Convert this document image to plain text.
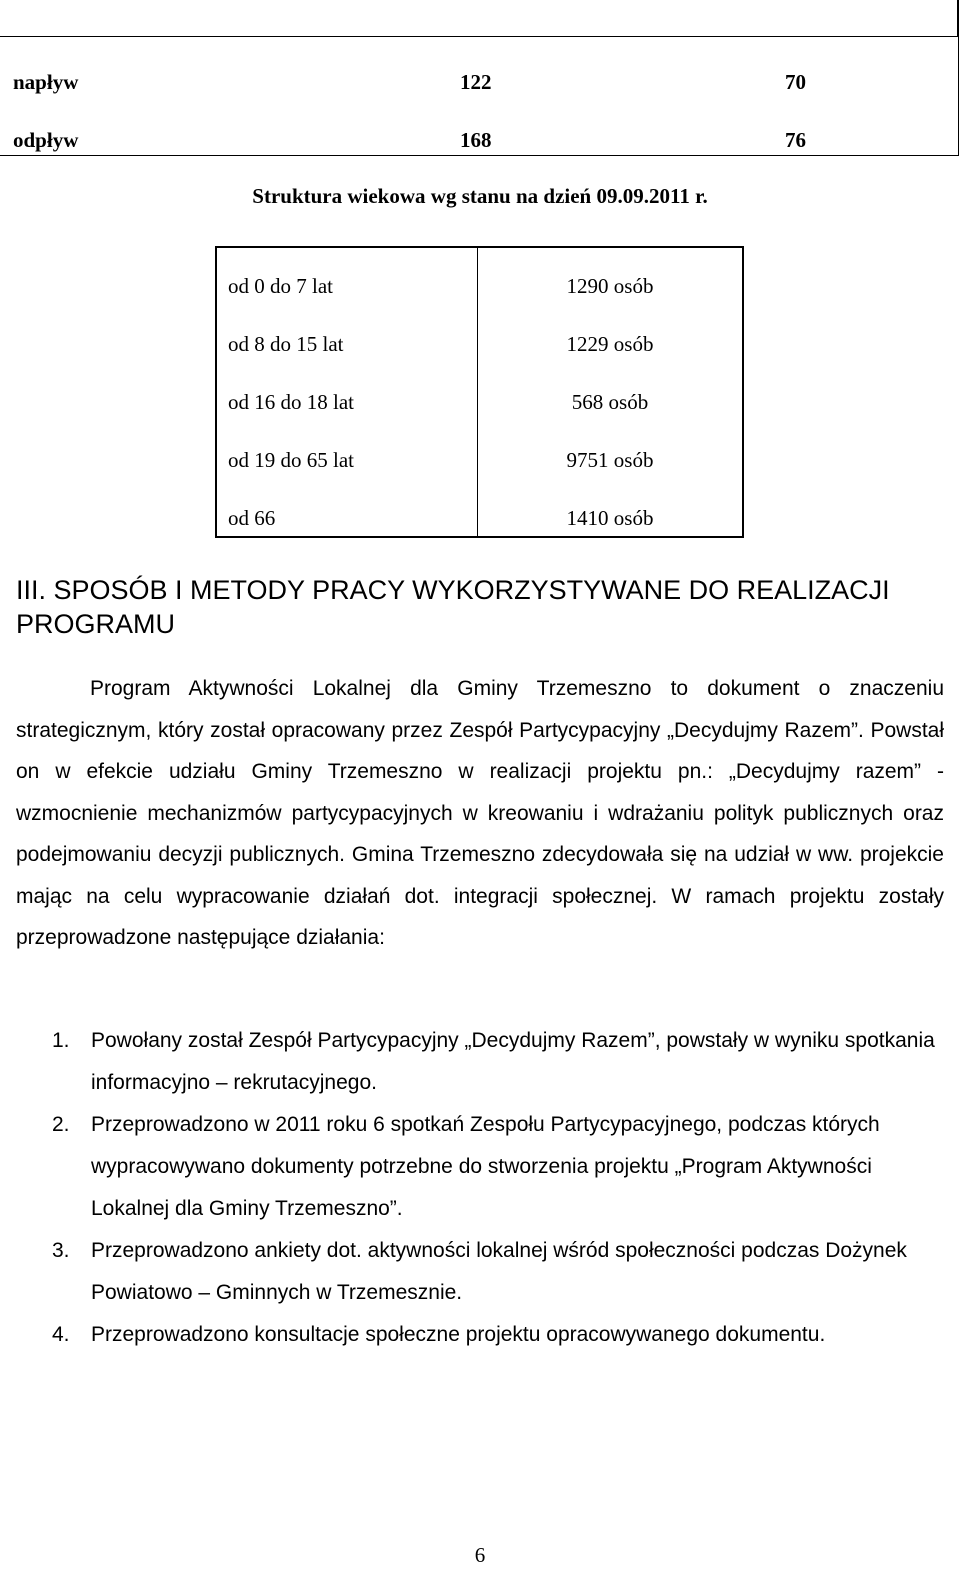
napływ	122	70
odpływ	168	76
Struktura wiekowa wg stanu na dzień 09.09.2011 r.
od 0 do 7 lat	1290 osób
od 8 do 15 lat	1229 osób
od 16 do 18 lat	568 osób
od 19 do 65 lat	9751 osób
od 66	1410 osób
III. SPOSÓB I METODY PRACY WYKORZYSTYWANE DO REALIZACJI PROGRAMU
Program Aktywności Lokalnej dla Gminy Trzemeszno to dokument o znaczeniu strategicznym, który został opracowany przez Zespół Partycypacyjny „Decydujmy Razem”. Powstał on w efekcie udziału Gminy Trzemeszno w realizacji projektu pn.: „Decydujmy razem” - wzmocnienie mechanizmów partycypacyjnych w kreowaniu i wdrażaniu polityk publicznych oraz podejmowaniu decyzji publicznych. Gmina Trzemeszno zdecydowała się na udział w ww. projekcie mając na celu wypracowanie działań dot. integracji społecznej. W ramach projektu zostały przeprowadzone następujące działania:
1. Powołany został Zespół Partycypacyjny „Decydujmy Razem”, powstały w wyniku spotkania informacyjno – rekrutacyjnego.
2. Przeprowadzono w 2011 roku 6 spotkań Zespołu Partycypacyjnego, podczas których wypracowywano dokumenty potrzebne do stworzenia projektu „Program Aktywności Lokalnej dla Gminy Trzemeszno”.
3. Przeprowadzono ankiety dot. aktywności lokalnej wśród społeczności podczas Dożynek Powiatowo – Gminnych w Trzemesznie.
4. Przeprowadzono konsultacje społeczne projektu opracowywanego dokumentu.
6
